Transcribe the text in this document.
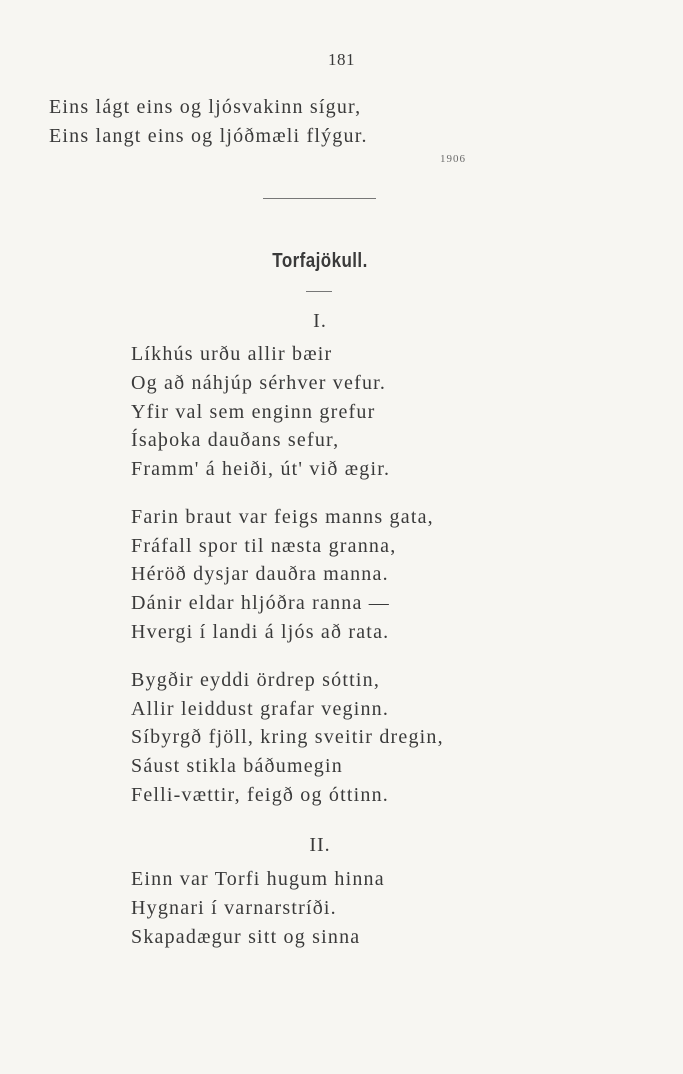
181
Eins lágt eins og ljósvakinn sígur,
Eins langt eins og ljóðmæli flýgur.
1906
Torfajökull.
I.
Líkhús urðu allir bæir
Og að náhjúp sérhver vefur.
Yfir val sem enginn grefur
Ísaþoka dauðans sefur,
Framm' á heiði, út' við ægir.
Farin braut var feigs manns gata,
Fráfall spor til næsta granna,
Héröð dysjar dauðra manna.
Dánir eldar hljóðra ranna —
Hvergi í landi á ljós að rata.
Bygðir eyddi ördrep sóttin,
Allir leiddust grafar veginn.
Síbyrgð fjöll, kring sveitir dregin,
Sáust stikla báðumegin
Felli-vættir, feigð og óttinn.
II.
Einn var Torfi hugum hinna
Hygnari í varnarstríði.
Skapadægur sitt og sinna
